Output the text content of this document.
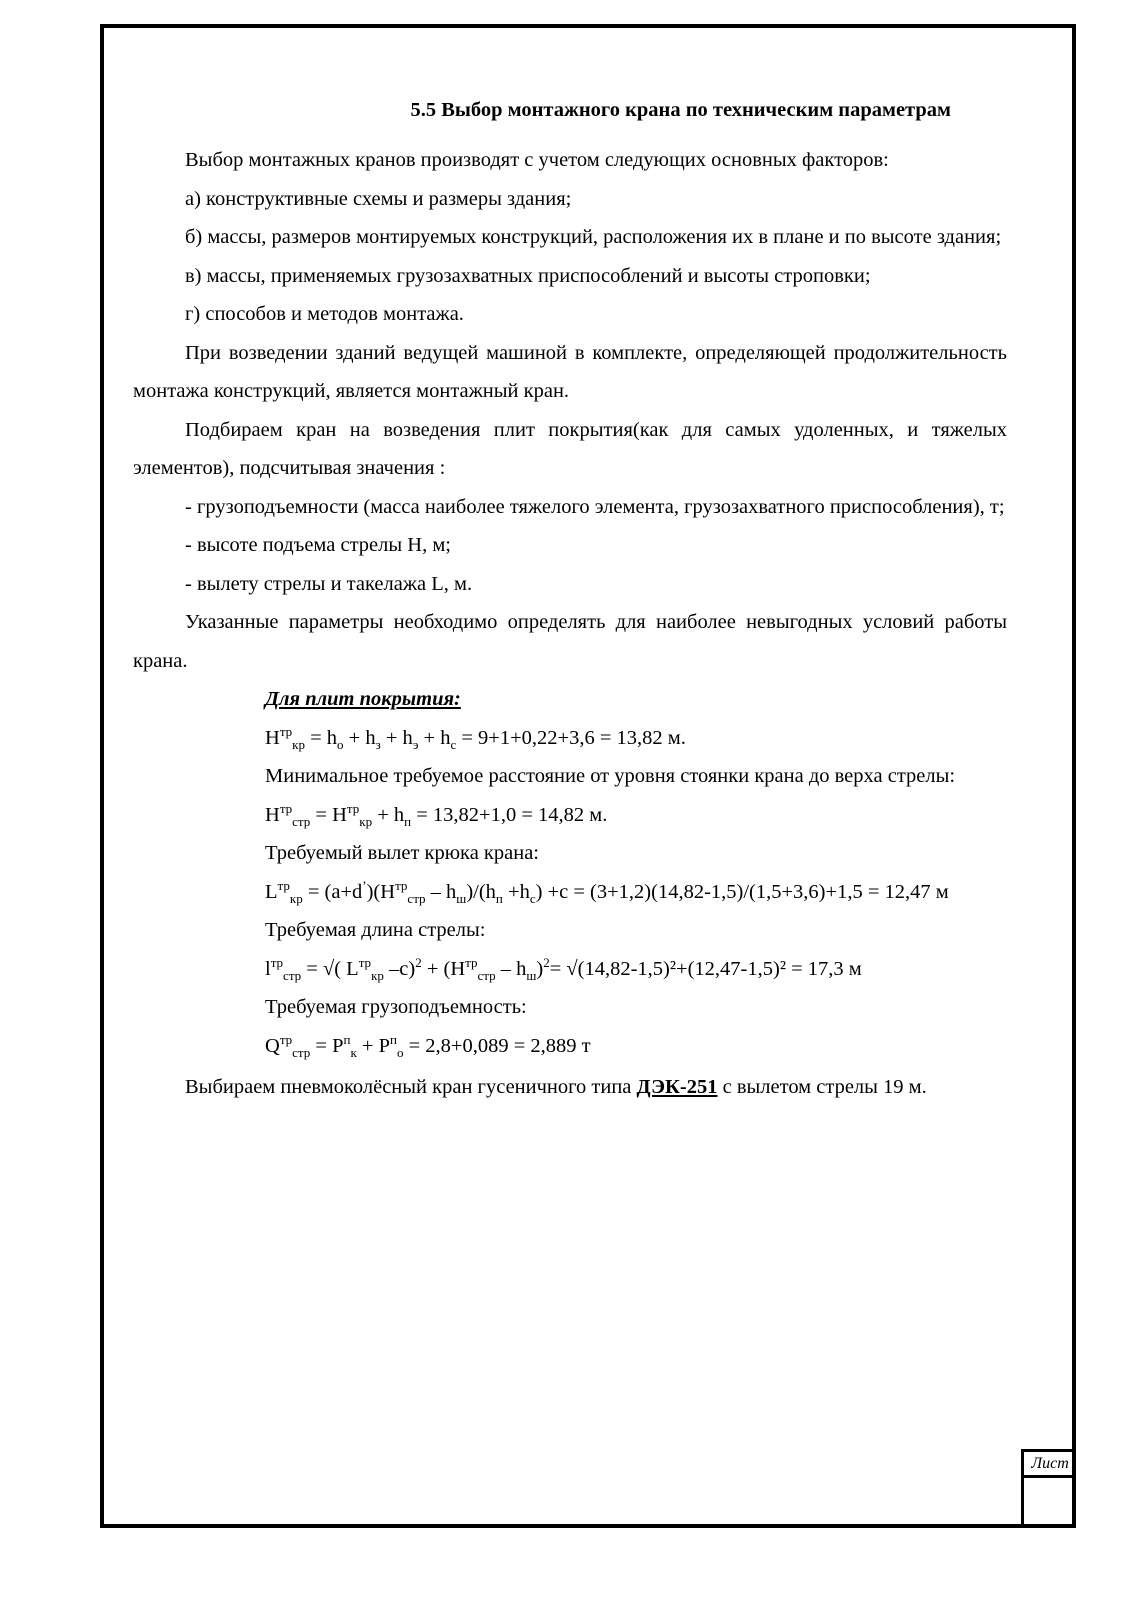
Лист
5.5 Выбор монтажного крана по техническим параметрам

Выбор монтажных кранов производят с учетом следующих основных факторов:

а) конструктивные схемы и размеры здания;

б) массы, размеров монтируемых конструкций, расположения их в плане и по высоте здания;

в) массы, применяемых грузозахватных приспособлений и высоты строповки;

г) способов и методов монтажа.

При возведении зданий ведущей машиной в комплекте, определяющей продолжительность монтажа конструкций, является монтажный кран.

Подбираем кран на возведения плит покрытия(как для самых удоленных, и тяжелых элементов), подсчитывая значения :

- грузоподъемности (масса наиболее тяжелого элемента, грузозахватного приспособления), т;

- высоте подъема стрелы Н, м;

- вылету стрелы и такелажа L, м.

Указанные параметры необходимо определять для наиболее невыгодных условий работы крана.

Для плит покрытия:

$H^{тр}_{кр} = h_o + h_з + h_э + h_c = 9+1+0,22+3,6 = 13,82$ м.

Минимальное требуемое расстояние от уровня стоянки крана до верха стрелы:

$H^{тр}_{стр} = H^{тр}_{кр} + h_п = 13,82+1,0 = 14,82$ м.

Требуемый вылет крюка крана:

$L^{тр}_{кр} = (a+d^’)(H^{тр}_{стр} - h_ш)/(h_п +h_c) +c = (3+1,2)(14,82-1,5)/(1,5+3,6)+1,5 = 12,47$ м

Требуемая длина стрелы:

$l^{тр}_{стр}$ = √( $L^{тр}_{кр}$ $-c)^2 + (H^{тр}_{стр} - h_ш)^2= √(14,82-1,5)^2+(12,47-1,5)^2 = 17,3$ м

Требуемая грузоподъемность:

$Q^{тр}_{стр} = P^п_к + P^п_о = 2,8+0,089 = 2,889$ т

Выбираем пневмоколёсный кран гусеничного типа ДЭК-251 с вылетом стрелы 19 м.
